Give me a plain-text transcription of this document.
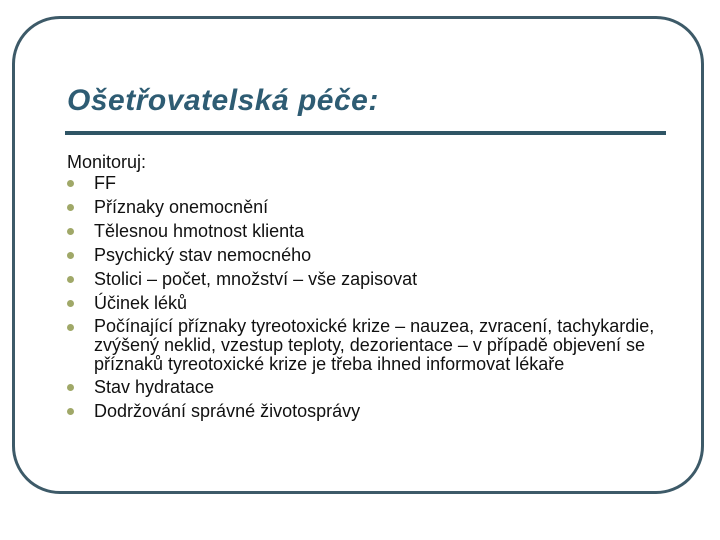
Ošetřovatelská péče:

Monitoruj:

FF
Příznaky onemocnění
Tělesnou hmotnost klienta
Psychický stav nemocného
Stolici – počet, množství – vše zapisovat
Účinek léků
Počínající příznaky tyreotoxické krize – nauzea, zvracení, tachykardie, zvýšený neklid, vzestup teploty, dezorientace – v případě objevení se příznaků tyreotoxické krize je třeba ihned informovat lékaře
Stav hydratace
Dodržování správné životosprávy
